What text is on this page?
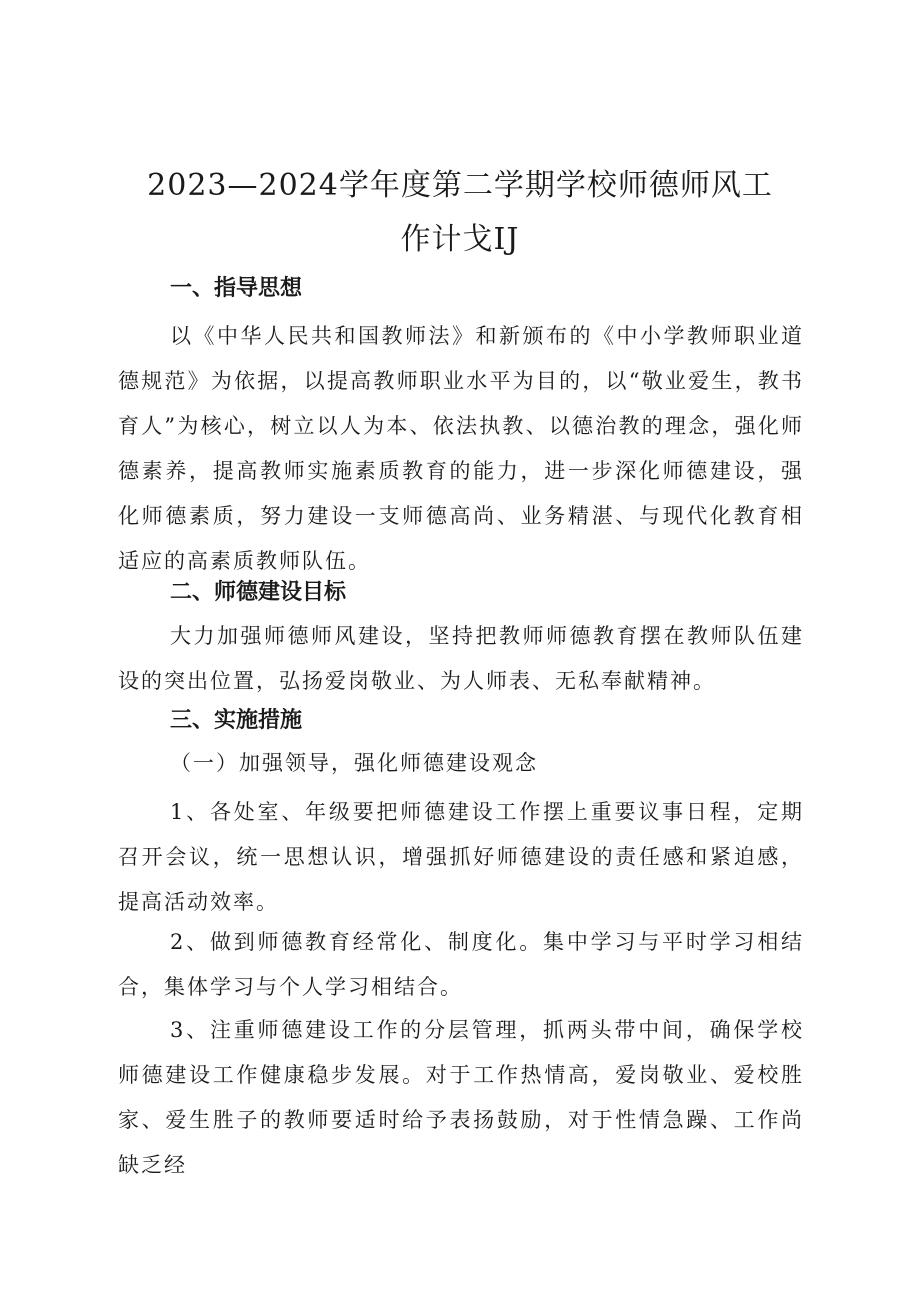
2023—2024学年度第二学期学校师德师风工
作计戈IJ
一、指导思想

以《中华人民共和国教师法》和新颁布的《中小学教师职业道德规范》为依据，以提高教师职业水平为目的，以“敬业爱生，教书育人”为核心，树立以人为本、依法执教、以德治教的理念，强化师德素养，提高教师实施素质教育的能力，进一步深化师德建设，强化师德素质，努力建设一支师德高尚、业务精湛、与现代化教育相适应的高素质教师队伍。

二、师德建设目标

大力加强师德师风建设，坚持把教师师德教育摆在教师队伍建设的突出位置，弘扬爱岗敬业、为人师表、无私奉献精神。

三、实施措施

（一）加强领导，强化师德建设观念

1、各处室、年级要把师德建设工作摆上重要议事日程，定期召开会议，统一思想认识，增强抓好师德建设的责任感和紧迫感，提高活动效率。

2、做到师德教育经常化、制度化。集中学习与平时学习相结合，集体学习与个人学习相结合。

3、注重师德建设工作的分层管理，抓两头带中间，确保学校师德建设工作健康稳步发展。对于工作热情高，爱岗敬业、爱校胜家、爱生胜子的教师要适时给予表扬鼓励，对于性情急躁、工作尚缺乏经
